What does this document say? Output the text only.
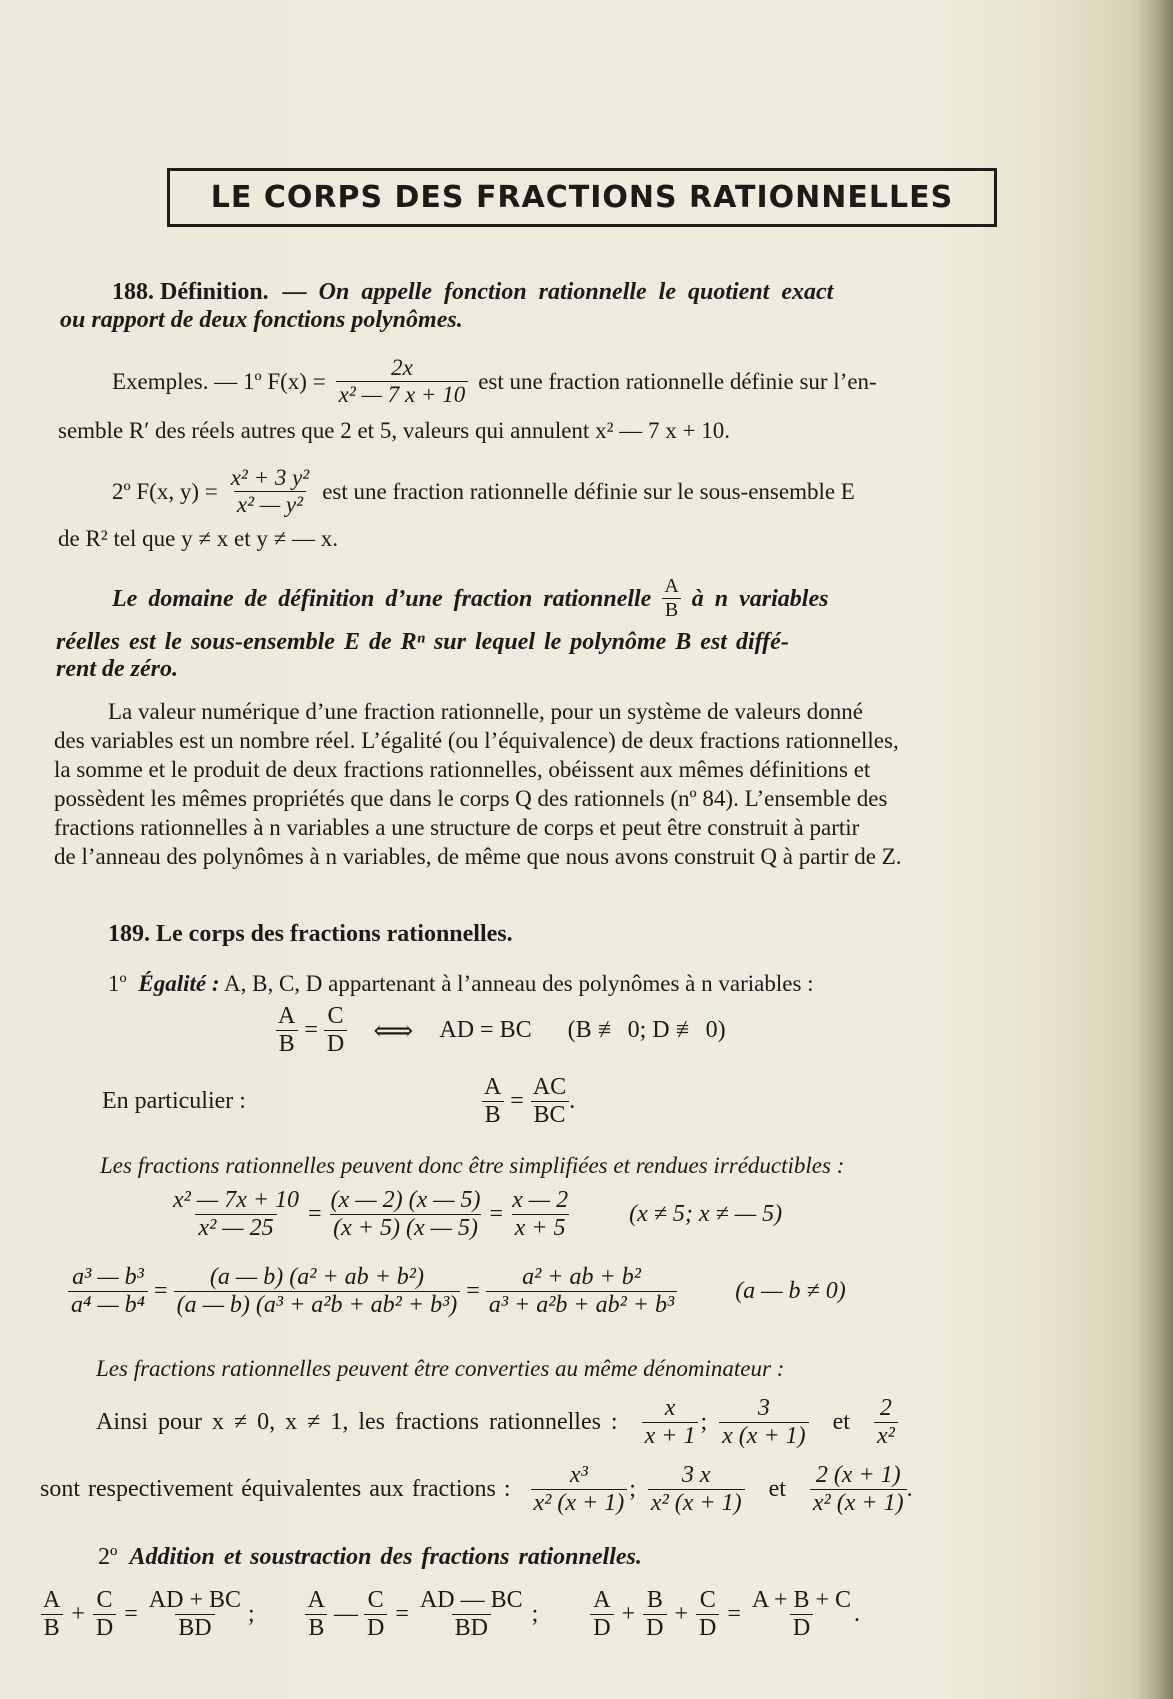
LE CORPS DES FRACTIONS RATIONNELLES
188. Définition. — On appelle fonction rationnelle le quotient exact
ou rapport de deux fonctions polynômes.
Exemples. — 1º $F(x) = \frac{2x}{\text{x² — 7 x + 10}}$ est une fraction rationnelle définie sur l’en-
semble R′ des réels autres que 2 et 5, valeurs qui annulent x² — 7 x + 10.
2º F(x, $y) = \frac{\text{x² + 3 y²}}{\text{x² — y²}}$ est une fraction rationnelle définie sur le sous-ensemble E
de R² tel que y ≠ x et y ≠ — x.
Le domaine de définition d’une fraction rationnelle $\frac{A}{B}$ à n variables
réelles est le sous-ensemble E de Rⁿ sur lequel le polynôme B est diffé-
rent de zéro.
La valeur numérique d’une fraction rationnelle, pour un système de valeurs donné
des variables est un nombre réel. L’égalité (ou l’équivalence) de deux fractions rationnelles,
la somme et le produit de deux fractions rationnelles, obéissent aux mêmes définitions et
possèdent les mêmes propriétés que dans le corps Q des rationnels (nº 84). L’ensemble des
fractions rationnelles à n variables a une structure de corps et peut être construit à partir
de l’anneau des polynômes à n variables, de même que nous avons construit Q à partir de Z.
189. Le corps des fractions rationnelles.
1º Égalité : A, B, C, D appartenant à l’anneau des polynômes à n variables :
$\frac{A}{B} = \frac{C}{D}$ ⟺ AD = BC (B ≢ 0; D ≢ 0)
En particulier :	$\frac{A}{B} = \frac{AC}{BC}$ .
Les fractions rationnelles peuvent donc être simplifiées et rendues irréductibles :
$\frac{\text{x² — 7x + 10}}{\text{x² — 25}} = \frac{(x — 2) (x — 5)}{(x + 5) (x — 5)} = \frac{x — 2}{x + 5} (x \ne 5$; x ≠ — 5)
$\frac{\text{a³ — b³}}{\text{a⁴ — b⁴}} = \frac{\text{(a — b) (a² + ab + b²)}}{\text{(a — b) (a³ + a²b + ab² + b³)}} = \frac{\text{a² + ab + b²}}{\text{a³ + a²b + ab² + b³}} (a$ — b ≠ 0)
Les fractions rationnelles peuvent être converties au même dénominateur :
Ainsi pour x ≠ 0, x ≠ 1, les fractions rationnelles :
x
x + 1
;
3
x (x + 1)
et
2
x²
sont respectivement équivalentes aux fractions :
x³
x² (x + 1)
;
3 x
x² (x + 1)
et
2 (x + 1)
x² (x + 1)
.
2º Addition et soustraction des fractions rationnelles.
A
B
+ $\frac{C}{D} = \frac{AD + BC}{BD}$ ;
A
B
— $\frac{C}{D} = \frac{AD — BC}{BD}$ ;
A
D
+ $\frac{B}{D} + \frac{C}{D} = \frac{A + B + C}{D}$ .
